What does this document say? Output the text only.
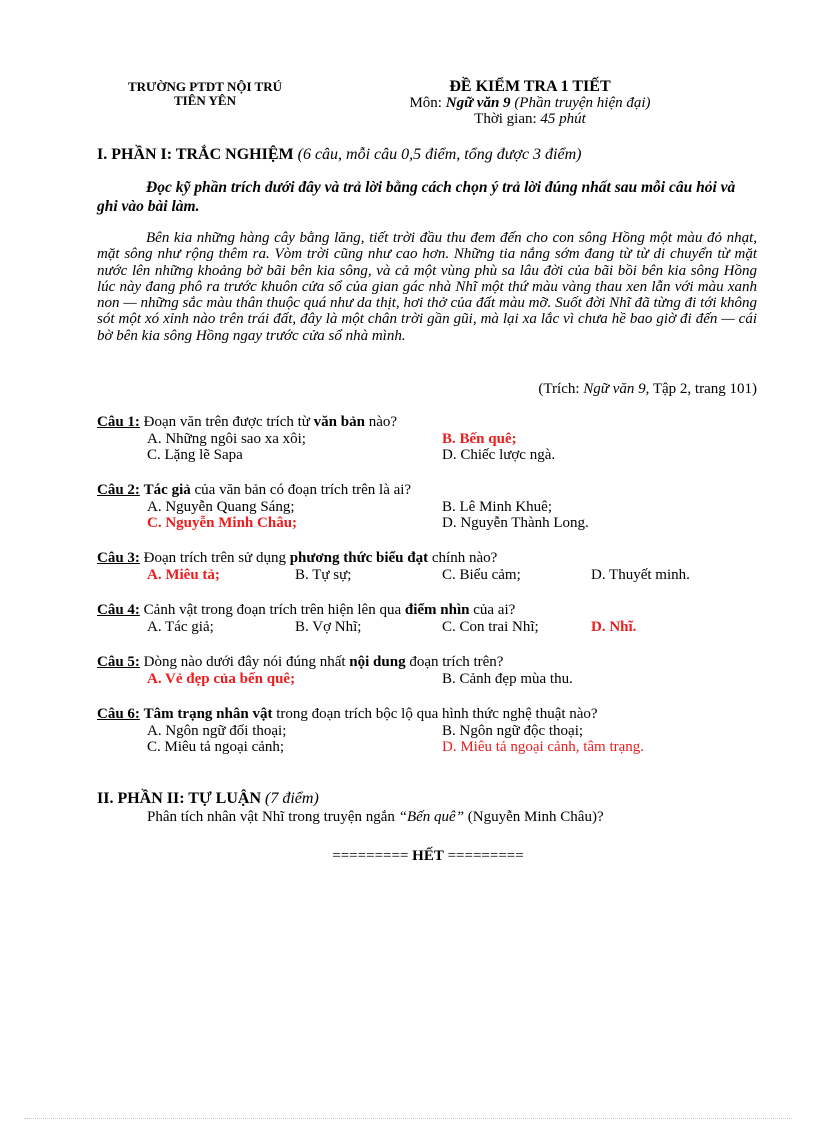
TRƯỜNG PTDT NỘI TRÚ
TIÊN YÊN
ĐỀ KIỂM TRA 1 TIẾT
Môn: Ngữ văn 9 (Phần truyện hiện đại)
Thời gian: 45 phút
I. PHẦN I: TRẮC NGHIỆM (6 câu, mỗi câu 0,5 điểm, tổng được 3 điểm)
Đọc kỹ phần trích dưới đây và trả lời bằng cách chọn ý trả lời đúng nhất sau mỗi câu hỏi và ghi vào bài làm.
Bên kia những hàng cây bằng lăng, tiết trời đầu thu đem đến cho con sông Hồng một màu đỏ nhạt, mặt sông như rộng thêm ra. Vòm trời cũng như cao hơn. Những tia nắng sớm đang từ từ di chuyển từ mặt nước lên những khoảng bờ bãi bên kia sông, và cả một vùng phù sa lâu đời của bãi bồi bên kia sông Hồng lúc này đang phô ra trước khuôn cửa sổ của gian gác nhà Nhĩ một thứ màu vàng thau xen lẫn với màu xanh non — những sắc màu thân thuộc quá như da thịt, hơi thở của đất màu mỡ. Suốt đời Nhĩ đã từng đi tới không sót một xó xỉnh nào trên trái đất, đây là một chân trời gần gũi, mà lại xa lắc vì chưa hề bao giờ đi đến — cái bờ bên kia sông Hồng ngay trước cửa sổ nhà mình.
(Trích: Ngữ văn 9, Tập 2, trang 101)
Câu 1: Đoạn văn trên được trích từ văn bản nào?
A. Những ngôi sao xa xôi;	B. Bến quê;
C. Lặng lẽ Sapa	D. Chiếc lược ngà.
Câu 2: Tác giả của văn bản có đoạn trích trên là ai?
A. Nguyễn Quang Sáng;	B. Lê Minh Khuê;
C. Nguyễn Minh Châu;	D. Nguyễn Thành Long.
Câu 3: Đoạn trích trên sử dụng phương thức biểu đạt chính nào?
A. Miêu tả;	B. Tự sự;	C. Biểu cảm;	D. Thuyết minh.
Câu 4: Cảnh vật trong đoạn trích trên hiện lên qua điểm nhìn của ai?
A. Tác giả;	B. Vợ Nhĩ;	C. Con trai Nhĩ;	D. Nhĩ.
Câu 5: Dòng nào dưới đây nói đúng nhất nội dung đoạn trích trên?
A. Vẻ đẹp của bến quê;	B. Cảnh đẹp mùa thu.
Câu 6: Tâm trạng nhân vật trong đoạn trích bộc lộ qua hình thức nghệ thuật nào?
A. Ngôn ngữ đối thoại;	B. Ngôn ngữ độc thoại;
C. Miêu tả ngoại cảnh;	D. Miêu tả ngoại cảnh, tâm trạng.
II. PHẦN II: TỰ LUẬN (7 điểm)
Phân tích nhân vật Nhĩ trong truyện ngắn “Bến quê” (Nguyễn Minh Châu)?
========= HẾT =========
